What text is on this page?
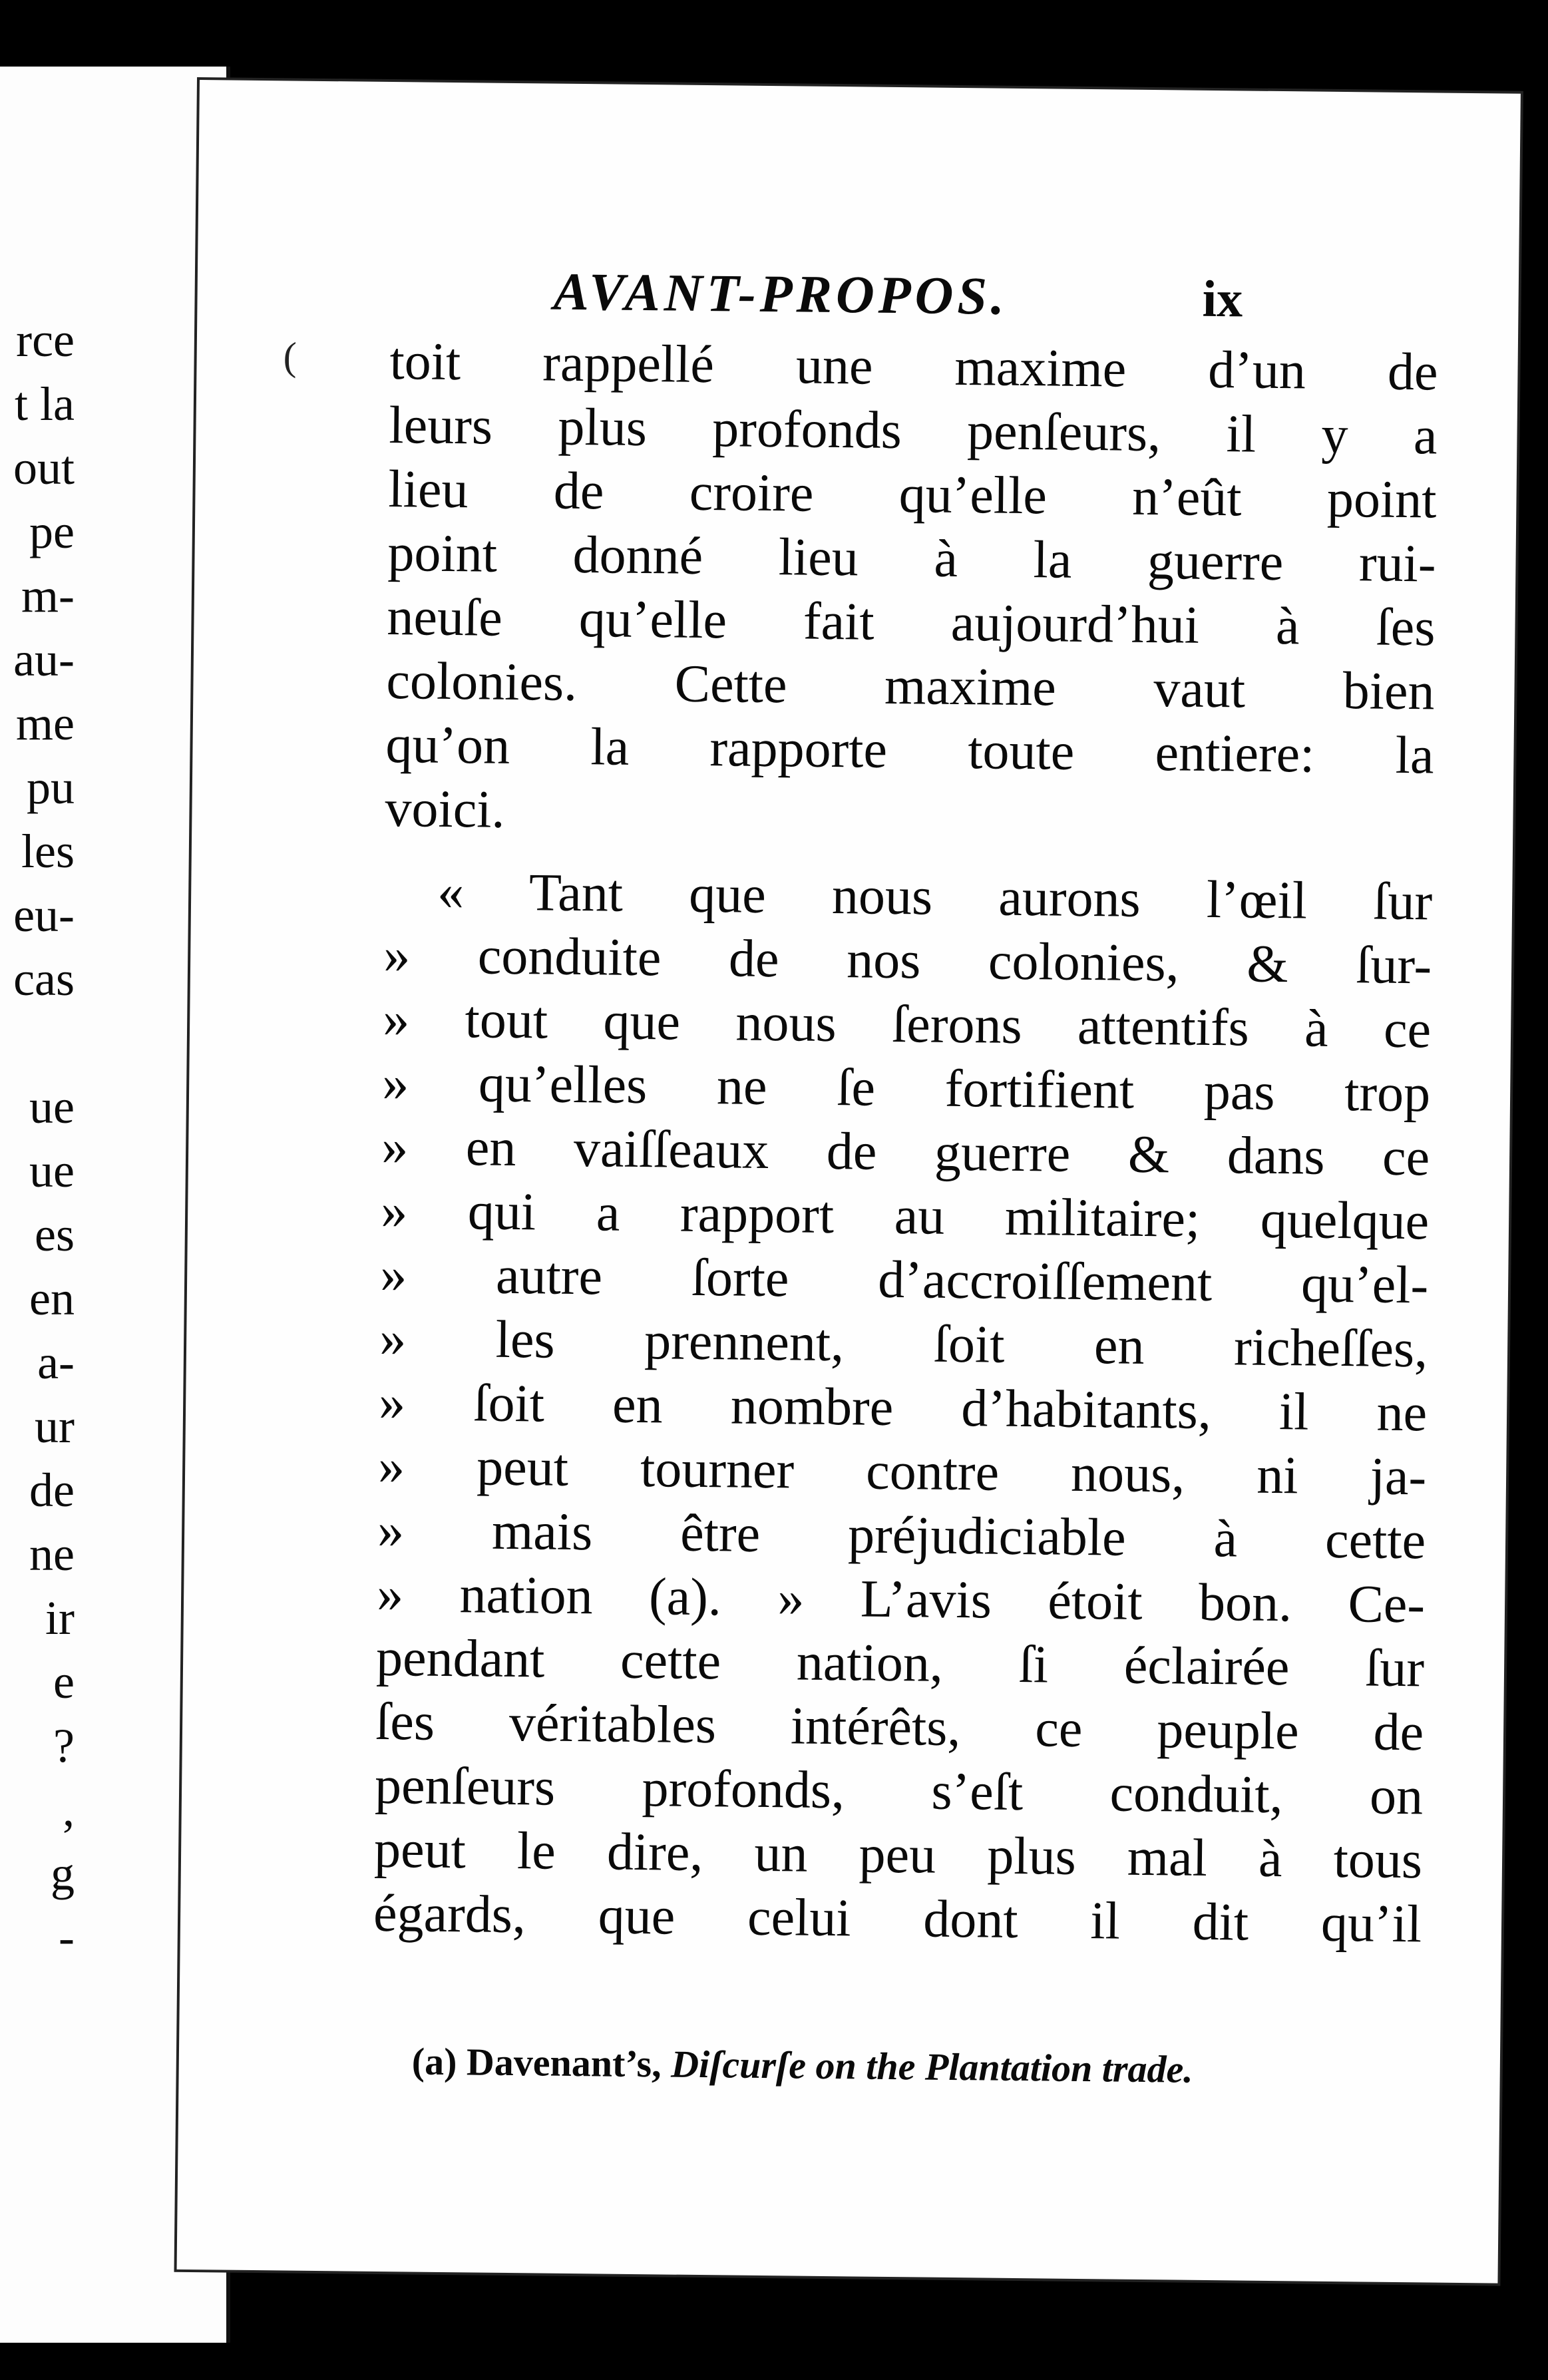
rce
t la
out
pe
m-
au-
me
pu
les
eu-
cas
ue
ue
es
en
a-
ur
de
ne
ir
e
?
,
g
-
(
AVANT-PROPOS.	ix
toit rappellé une maxime d’un de
leurs plus profonds penſeurs, il y a
lieu de croire qu’elle n’eût point
point donné lieu à la guerre rui-
neuſe qu’elle fait aujourd’hui à ſes
colonies. Cette maxime vaut bien
qu’on la rapporte toute entiere: la
voici.
« Tant que nous aurons l’œil ſur
» conduite de nos colonies, & ſur-
» tout que nous ſerons attentifs à ce
» qu’elles ne ſe fortifient pas trop
» en vaiſſeaux de guerre & dans ce
» qui a rapport au militaire; quelque
» autre ſorte d’accroiſſement qu’el-
» les prennent, ſoit en richeſſes,
» ſoit en nombre d’habitants, il ne
» peut tourner contre nous, ni ja-
» mais être préjudiciable à cette
» nation (a). » L’avis étoit bon. Ce-
pendant cette nation, ſi éclairée ſur
ſes véritables intérêts, ce peuple de
penſeurs profonds, s’eſt conduit, on
peut le dire, un peu plus mal à tous
égards, que celui dont il dit qu’il
(a) Davenant’s, Diſcurſe on the Plantation trade.
